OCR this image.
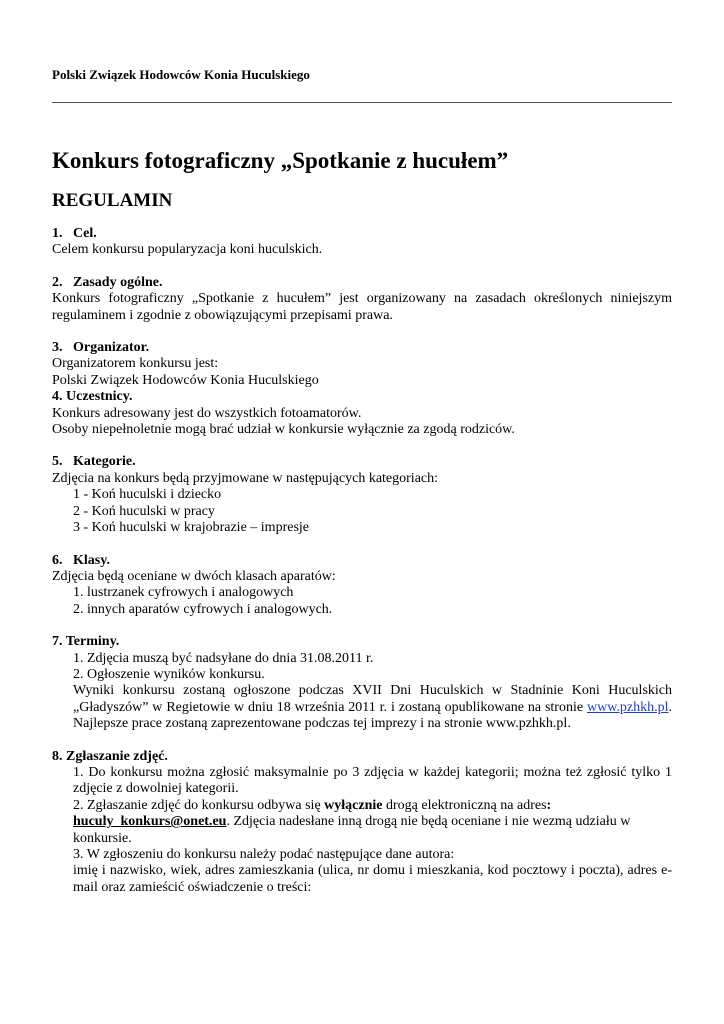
Polski Związek Hodowców Konia Huculskiego
Konkurs fotograficzny „Spotkanie z hucułem”
REGULAMIN

1.   Cel.

Celem konkursu popularyzacja koni huculskich.

2.   Zasady ogólne.

Konkurs fotograficzny „Spotkanie z hucułem” jest organizowany na zasadach określonych niniejszym regulaminem i zgodnie z obowiązującymi przepisami prawa.

3.   Organizator.

Organizatorem konkursu jest:

Polski Związek Hodowców Konia Huculskiego

4. Uczestnicy.

Konkurs adresowany jest do wszystkich fotoamatorów.

Osoby niepełnoletnie mogą brać udział w konkursie wyłącznie za zgodą rodziców.

5.   Kategorie.

Zdjęcia na konkurs będą przyjmowane w następujących kategoriach:

1 - Koń huculski i dziecko

2 - Koń huculski w pracy

3 - Koń huculski w krajobrazie – impresje

6.   Klasy.

Zdjęcia będą oceniane w dwóch klasach aparatów:

1. lustrzanek cyfrowych i analogowych

2. innych aparatów cyfrowych i analogowych.

7. Terminy.

1. Zdjęcia muszą być nadsyłane do dnia 31.08.2011 r.

2. Ogłoszenie wyników konkursu.

Wyniki konkursu zostaną ogłoszone podczas XVII Dni Huculskich w Stadninie Koni Huculskich „Gładyszów” w Regietowie w dniu 18 września 2011 r. i zostaną opublikowane na stronie www.pzhkh.pl. Najlepsze prace zostaną zaprezentowane podczas tej imprezy i na stronie www.pzhkh.pl.

8. Zgłaszanie zdjęć.

1. Do konkursu można zgłosić maksymalnie po 3 zdjęcia w każdej kategorii; można też zgłosić tylko 1 zdjęcie z dowolniej kategorii.

2. Zgłaszanie zdjęć do konkursu odbywa się wyłącznie drogą elektroniczną na adres:
huculy_konkurs@onet.eu. Zdjęcia nadesłane inną drogą nie będą oceniane i nie wezmą udziału w konkursie.

3. W zgłoszeniu do konkursu należy podać następujące dane autora:

imię i nazwisko, wiek, adres zamieszkania (ulica, nr domu i mieszkania, kod pocztowy i poczta), adres e-mail oraz zamieścić oświadczenie o treści:
